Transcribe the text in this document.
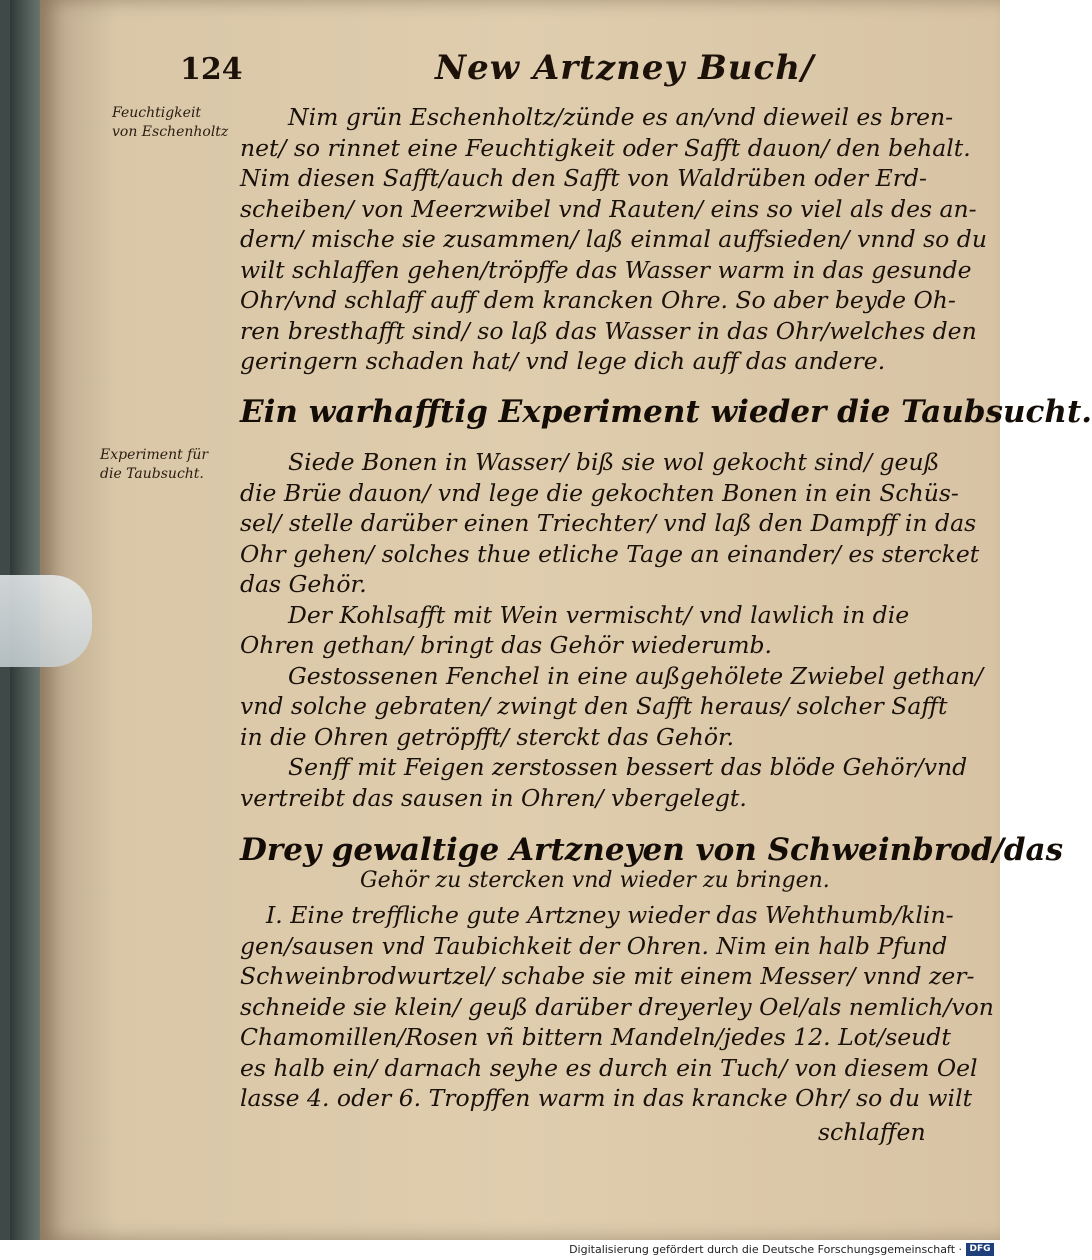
124	New Artzney Buch/
Feuchtigkeit
von Eschenholtz
Experiment für
die Taubsucht.
Nim grün Eschenholtz/zünde es an/vnd dieweil es bren-
net/ so rinnet eine Feuchtigkeit oder Safft dauon/ den behalt.
Nim diesen Safft/auch den Safft von Waldrüben oder Erd-
scheiben/ von Meerzwibel vnd Rauten/ eins so viel als des an-
dern/ mische sie zusammen/ laß einmal auffsieden/ vnnd so du
wilt schlaffen gehen/tröpffe das Wasser warm in das gesunde
Ohr/vnd schlaff auff dem krancken Ohre. So aber beyde Oh-
ren bresthafft sind/ so laß das Wasser in das Ohr/welches den
geringern schaden hat/ vnd lege dich auff das andere.
Ein warhafftig Experiment wieder die Taubsucht.
Siede Bonen in Wasser/ biß sie wol gekocht sind/ geuß
die Brüe dauon/ vnd lege die gekochten Bonen in ein Schüs-
sel/ stelle darüber einen Triechter/ vnd laß den Dampff in das
Ohr gehen/ solches thue etliche Tage an einander/ es stercket
das Gehör.
Der Kohlsafft mit Wein vermischt/ vnd lawlich in die
Ohren gethan/ bringt das Gehör wiederumb.
Gestossenen Fenchel in eine außgehölete Zwiebel gethan/
vnd solche gebraten/ zwingt den Safft heraus/ solcher Safft
in die Ohren getröpfft/ sterckt das Gehör.
Senff mit Feigen zerstossen bessert das blöde Gehör/vnd
vertreibt das sausen in Ohren/ vbergelegt.
Drey gewaltige Artzneyen von Schweinbrod/das
Gehör zu stercken vnd wieder zu bringen.
I. Eine treffliche gute Artzney wieder das Wehthumb/klin-
gen/sausen vnd Taubichkeit der Ohren. Nim ein halb Pfund
Schweinbrodwurtzel/ schabe sie mit einem Messer/ vnnd zer-
schneide sie klein/ geuß darüber dreyerley Oel/als nemlich/von
Chamomillen/Rosen vñ bittern Mandeln/jedes 12. Lot/seudt
es halb ein/ darnach seyhe es durch ein Tuch/ von diesem Oel
lasse 4. oder 6. Tropffen warm in das krancke Ohr/ so du wilt
schlaffen
Digitalisierung gefördert durch die Deutsche Forschungsgemeinschaft · DFG
